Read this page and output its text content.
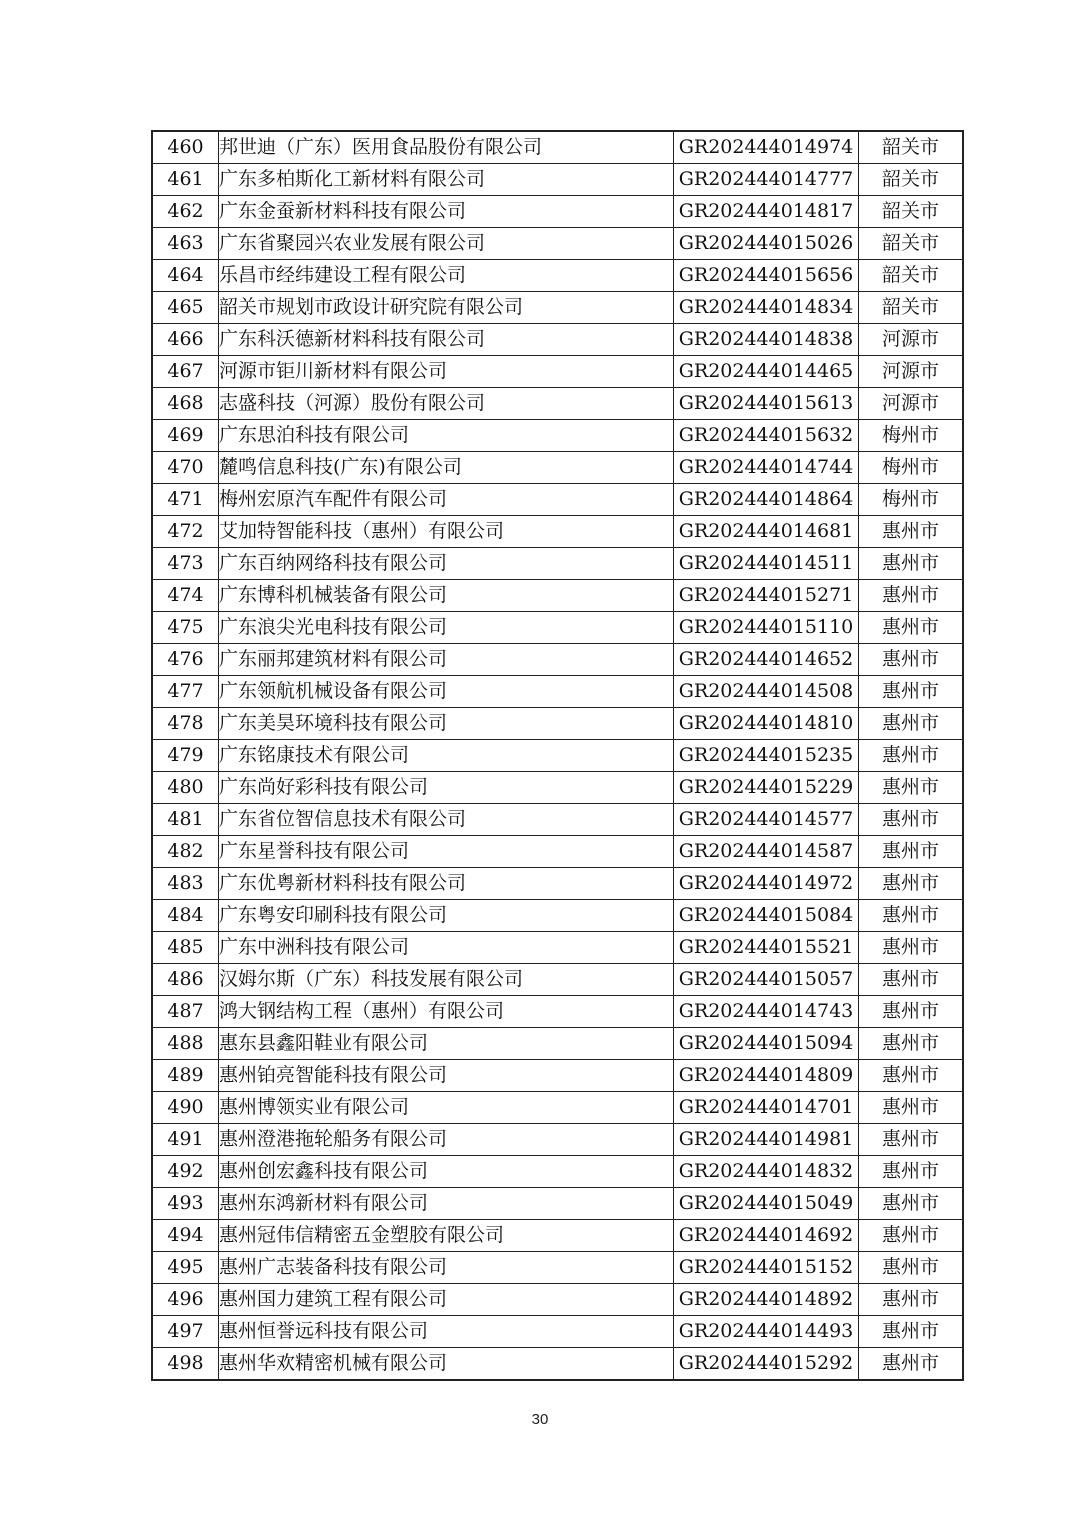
460	邦世迪（广东）医用食品股份有限公司	GR202444014974	韶关市
461	广东多柏斯化工新材料有限公司	GR202444014777	韶关市
462	广东金蚕新材料科技有限公司	GR202444014817	韶关市
463	广东省聚园兴农业发展有限公司	GR202444015026	韶关市
464	乐昌市经纬建设工程有限公司	GR202444015656	韶关市
465	韶关市规划市政设计研究院有限公司	GR202444014834	韶关市
466	广东科沃德新材料科技有限公司	GR202444014838	河源市
467	河源市钜川新材料有限公司	GR202444014465	河源市
468	志盛科技（河源）股份有限公司	GR202444015613	河源市
469	广东思泊科技有限公司	GR202444015632	梅州市
470	麓鸣信息科技(广东)有限公司	GR202444014744	梅州市
471	梅州宏原汽车配件有限公司	GR202444014864	梅州市
472	艾加特智能科技（惠州）有限公司	GR202444014681	惠州市
473	广东百纳网络科技有限公司	GR202444014511	惠州市
474	广东博科机械装备有限公司	GR202444015271	惠州市
475	广东浪尖光电科技有限公司	GR202444015110	惠州市
476	广东丽邦建筑材料有限公司	GR202444014652	惠州市
477	广东领航机械设备有限公司	GR202444014508	惠州市
478	广东美昊环境科技有限公司	GR202444014810	惠州市
479	广东铭康技术有限公司	GR202444015235	惠州市
480	广东尚好彩科技有限公司	GR202444015229	惠州市
481	广东省位智信息技术有限公司	GR202444014577	惠州市
482	广东星誉科技有限公司	GR202444014587	惠州市
483	广东优粤新材料科技有限公司	GR202444014972	惠州市
484	广东粤安印刷科技有限公司	GR202444015084	惠州市
485	广东中洲科技有限公司	GR202444015521	惠州市
486	汉姆尔斯（广东）科技发展有限公司	GR202444015057	惠州市
487	鸿大钢结构工程（惠州）有限公司	GR202444014743	惠州市
488	惠东县鑫阳鞋业有限公司	GR202444015094	惠州市
489	惠州铂亮智能科技有限公司	GR202444014809	惠州市
490	惠州博领实业有限公司	GR202444014701	惠州市
491	惠州澄港拖轮船务有限公司	GR202444014981	惠州市
492	惠州创宏鑫科技有限公司	GR202444014832	惠州市
493	惠州东鸿新材料有限公司	GR202444015049	惠州市
494	惠州冠伟信精密五金塑胶有限公司	GR202444014692	惠州市
495	惠州广志装备科技有限公司	GR202444015152	惠州市
496	惠州国力建筑工程有限公司	GR202444014892	惠州市
497	惠州恒誉远科技有限公司	GR202444014493	惠州市
498	惠州华欢精密机械有限公司	GR202444015292	惠州市
30
